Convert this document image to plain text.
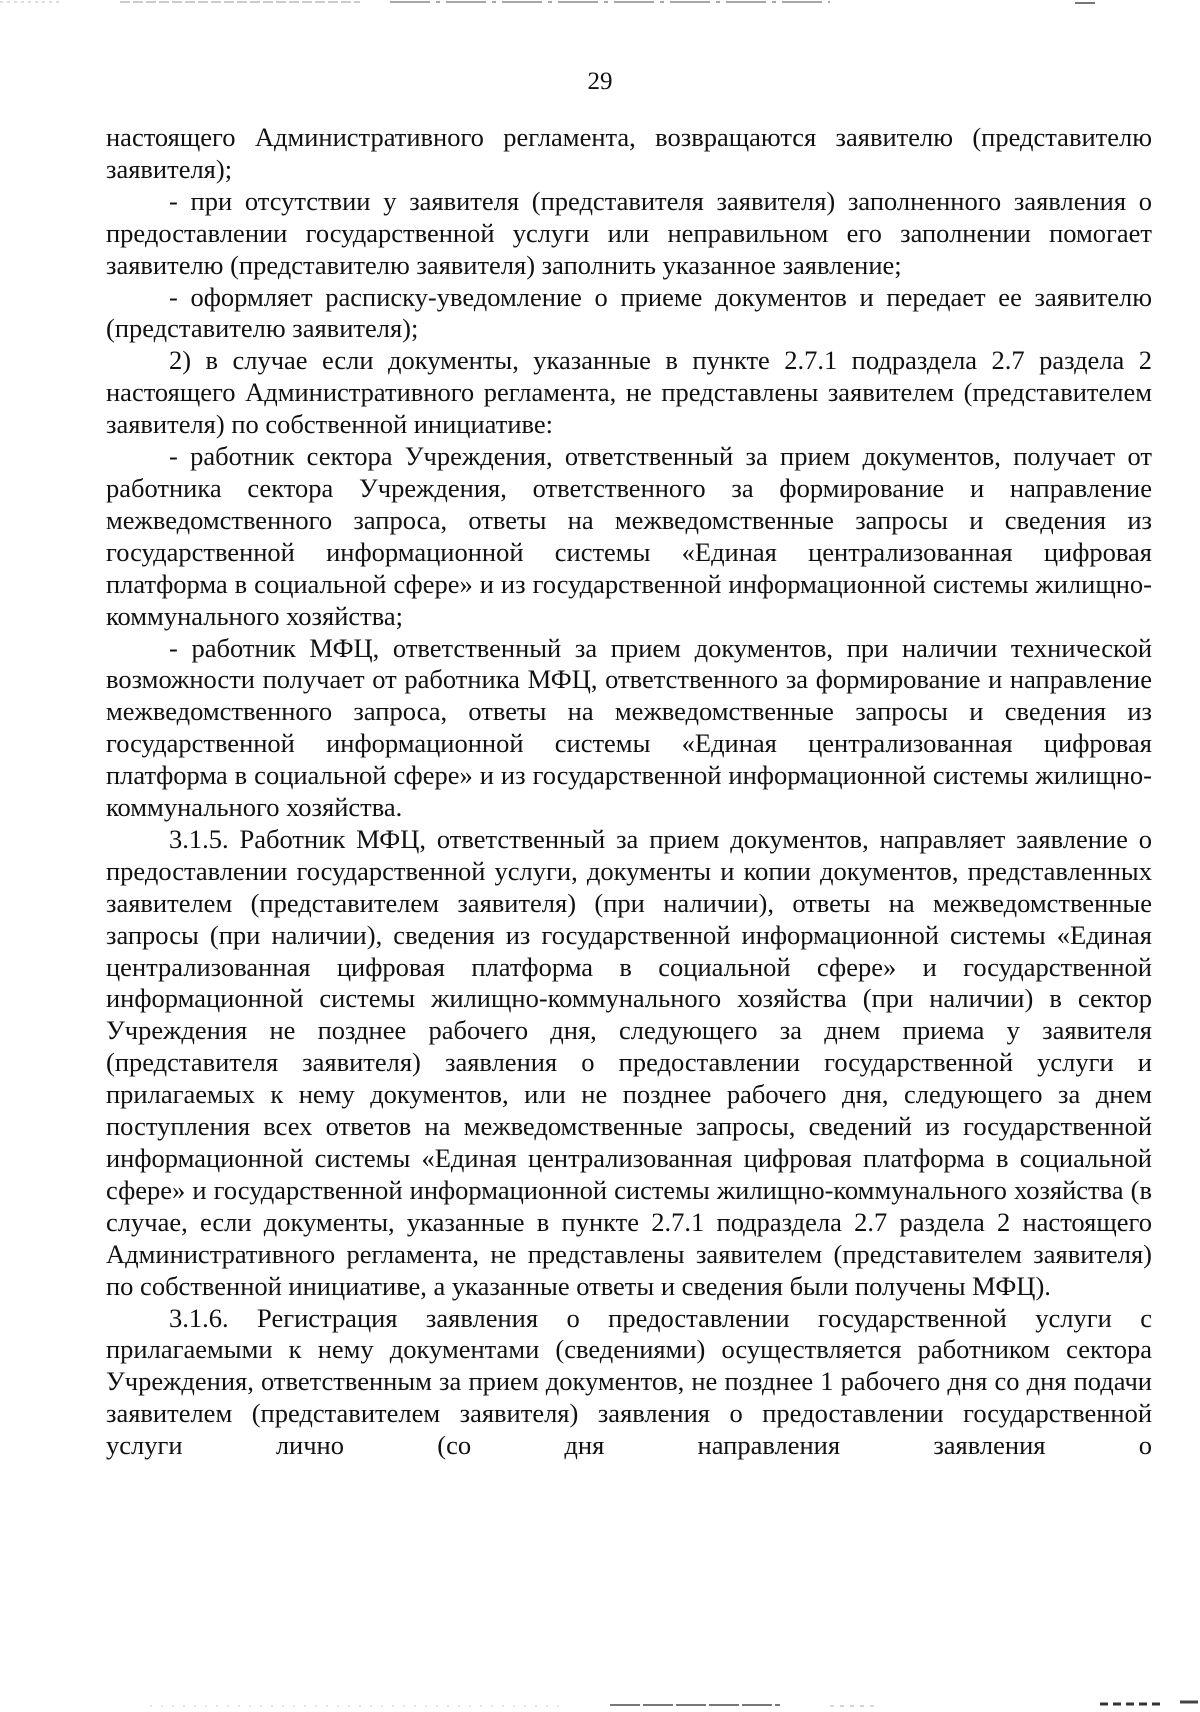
29

настоящего Административного регламента, возвращаются заявителю (представителю заявителя);

- при отсутствии у заявителя (представителя заявителя) заполненного заявления о предоставлении государственной услуги или неправильном его заполнении помогает заявителю (представителю заявителя) заполнить указанное заявление;

- оформляет расписку-уведомление о приеме документов и передает ее заявителю (представителю заявителя);

2) в случае если документы, указанные в пункте 2.7.1 подраздела 2.7 раздела 2 настоящего Административного регламента, не представлены заявителем (представителем заявителя) по собственной инициативе:

- работник сектора Учреждения, ответственный за прием документов, получает от работника сектора Учреждения, ответственного за формирование и направление межведомственного запроса, ответы на межведомственные запросы и сведения из государственной информационной системы «Единая централизованная цифровая платформа в социальной сфере» и из государственной информационной системы жилищно-коммунального хозяйства;

- работник МФЦ, ответственный за прием документов, при наличии технической возможности получает от работника МФЦ, ответственного за формирование и направление межведомственного запроса, ответы на межведомственные запросы и сведения из государственной информационной системы «Единая централизованная цифровая платформа в социальной сфере» и из государственной информационной системы жилищно-коммунального хозяйства.

3.1.5. Работник МФЦ, ответственный за прием документов, направляет заявление о предоставлении государственной услуги, документы и копии документов, представленных заявителем (представителем заявителя) (при наличии), ответы на межведомственные запросы (при наличии), сведения из государственной информационной системы «Единая централизованная цифровая платформа в социальной сфере» и государственной информационной системы жилищно-коммунального хозяйства (при наличии) в сектор Учреждения не позднее рабочего дня, следующего за днем приема у заявителя (представителя заявителя) заявления о предоставлении государственной услуги и прилагаемых к нему документов, или не позднее рабочего дня, следующего за днем поступления всех ответов на межведомственные запросы, сведений из государственной информационной системы «Единая централизованная цифровая платформа в социальной сфере» и государственной информационной системы жилищно-коммунального хозяйства (в случае, если документы, указанные в пункте 2.7.1 подраздела 2.7 раздела 2 настоящего Административного регламента, не представлены заявителем (представителем заявителя) по собственной инициативе, а указанные ответы и сведения были получены МФЦ).

3.1.6. Регистрация заявления о предоставлении государственной услуги с прилагаемыми к нему документами (сведениями) осуществляется работником сектора Учреждения, ответственным за прием документов, не позднее 1 рабочего дня со дня подачи заявителем (представителем заявителя) заявления о предоставлении государственной услуги лично (со дня направления заявления о
